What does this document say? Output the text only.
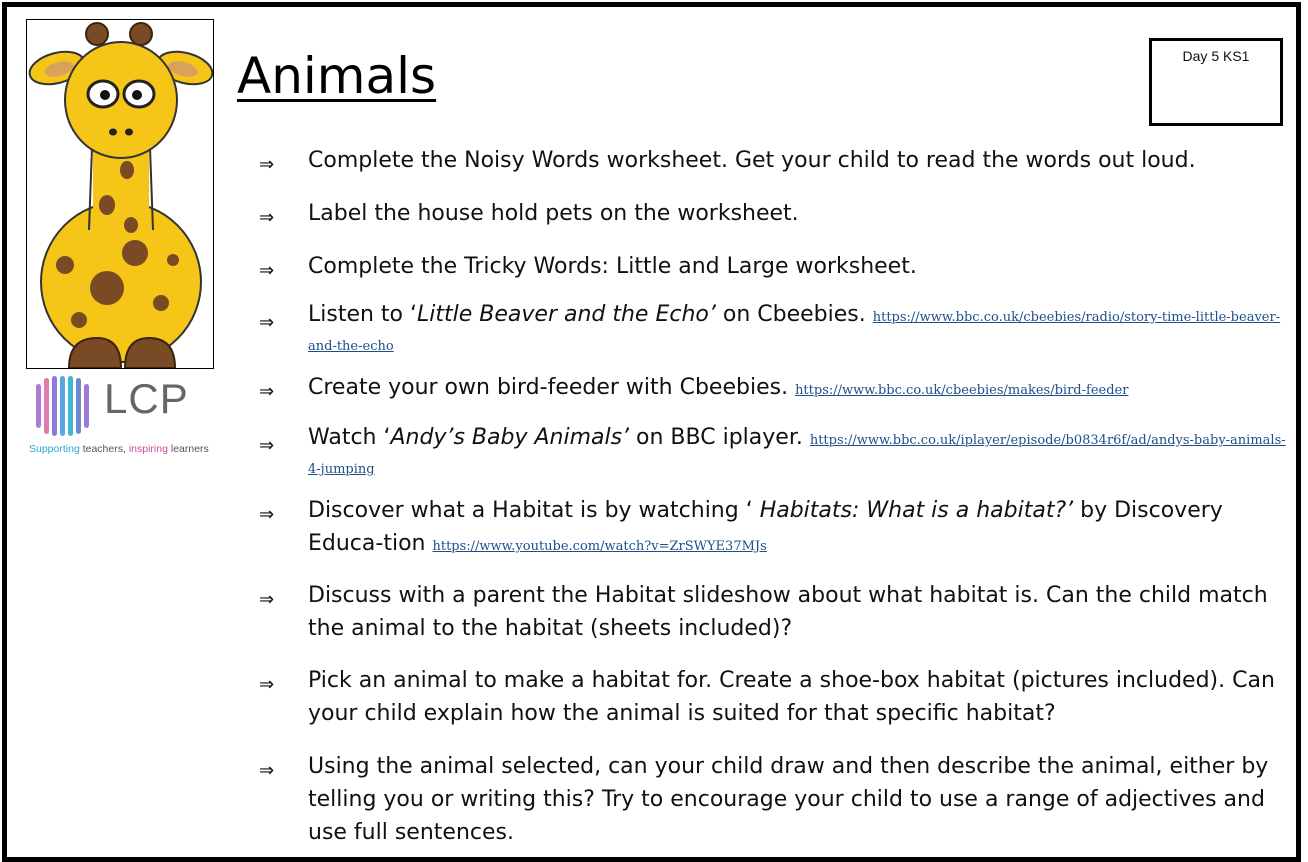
Animals	Day 5 KS1
LCP
Supporting teachers, inspiring learners
⇒ Complete the Noisy Words worksheet. Get your child to read the words out loud.
⇒ Label the house hold pets on the worksheet.
⇒ Complete the Tricky Words: Little and Large worksheet.
⇒ Listen to ‘Little Beaver and the Echo’ on Cbeebies. https://www.bbc.co.uk/cbeebies/radio/story-time-little-beaver-and-the-echo
⇒ Create your own bird-feeder with Cbeebies. https://www.bbc.co.uk/cbeebies/makes/bird-feeder
⇒ Watch ‘Andy’s Baby Animals’ on BBC iplayer. https://www.bbc.co.uk/iplayer/episode/b0834r6f/ad/andys-baby-animals-4-jumping
⇒ Discover what a Habitat is by watching ‘ Habitats: What is a habitat?’ by Discovery Educa-tion https://www.youtube.com/watch?v=ZrSWYE37MJs
⇒ Discuss with a parent the Habitat slideshow about what habitat is. Can the child match the animal to the habitat (sheets included)?
⇒ Pick an animal to make a habitat for. Create a shoe-box habitat (pictures included). Can your child explain how the animal is suited for that specific habitat?
⇒ Using the animal selected, can your child draw and then describe the animal, either by telling you or writing this? Try to encourage your child to use a range of adjectives and use full sentences.
